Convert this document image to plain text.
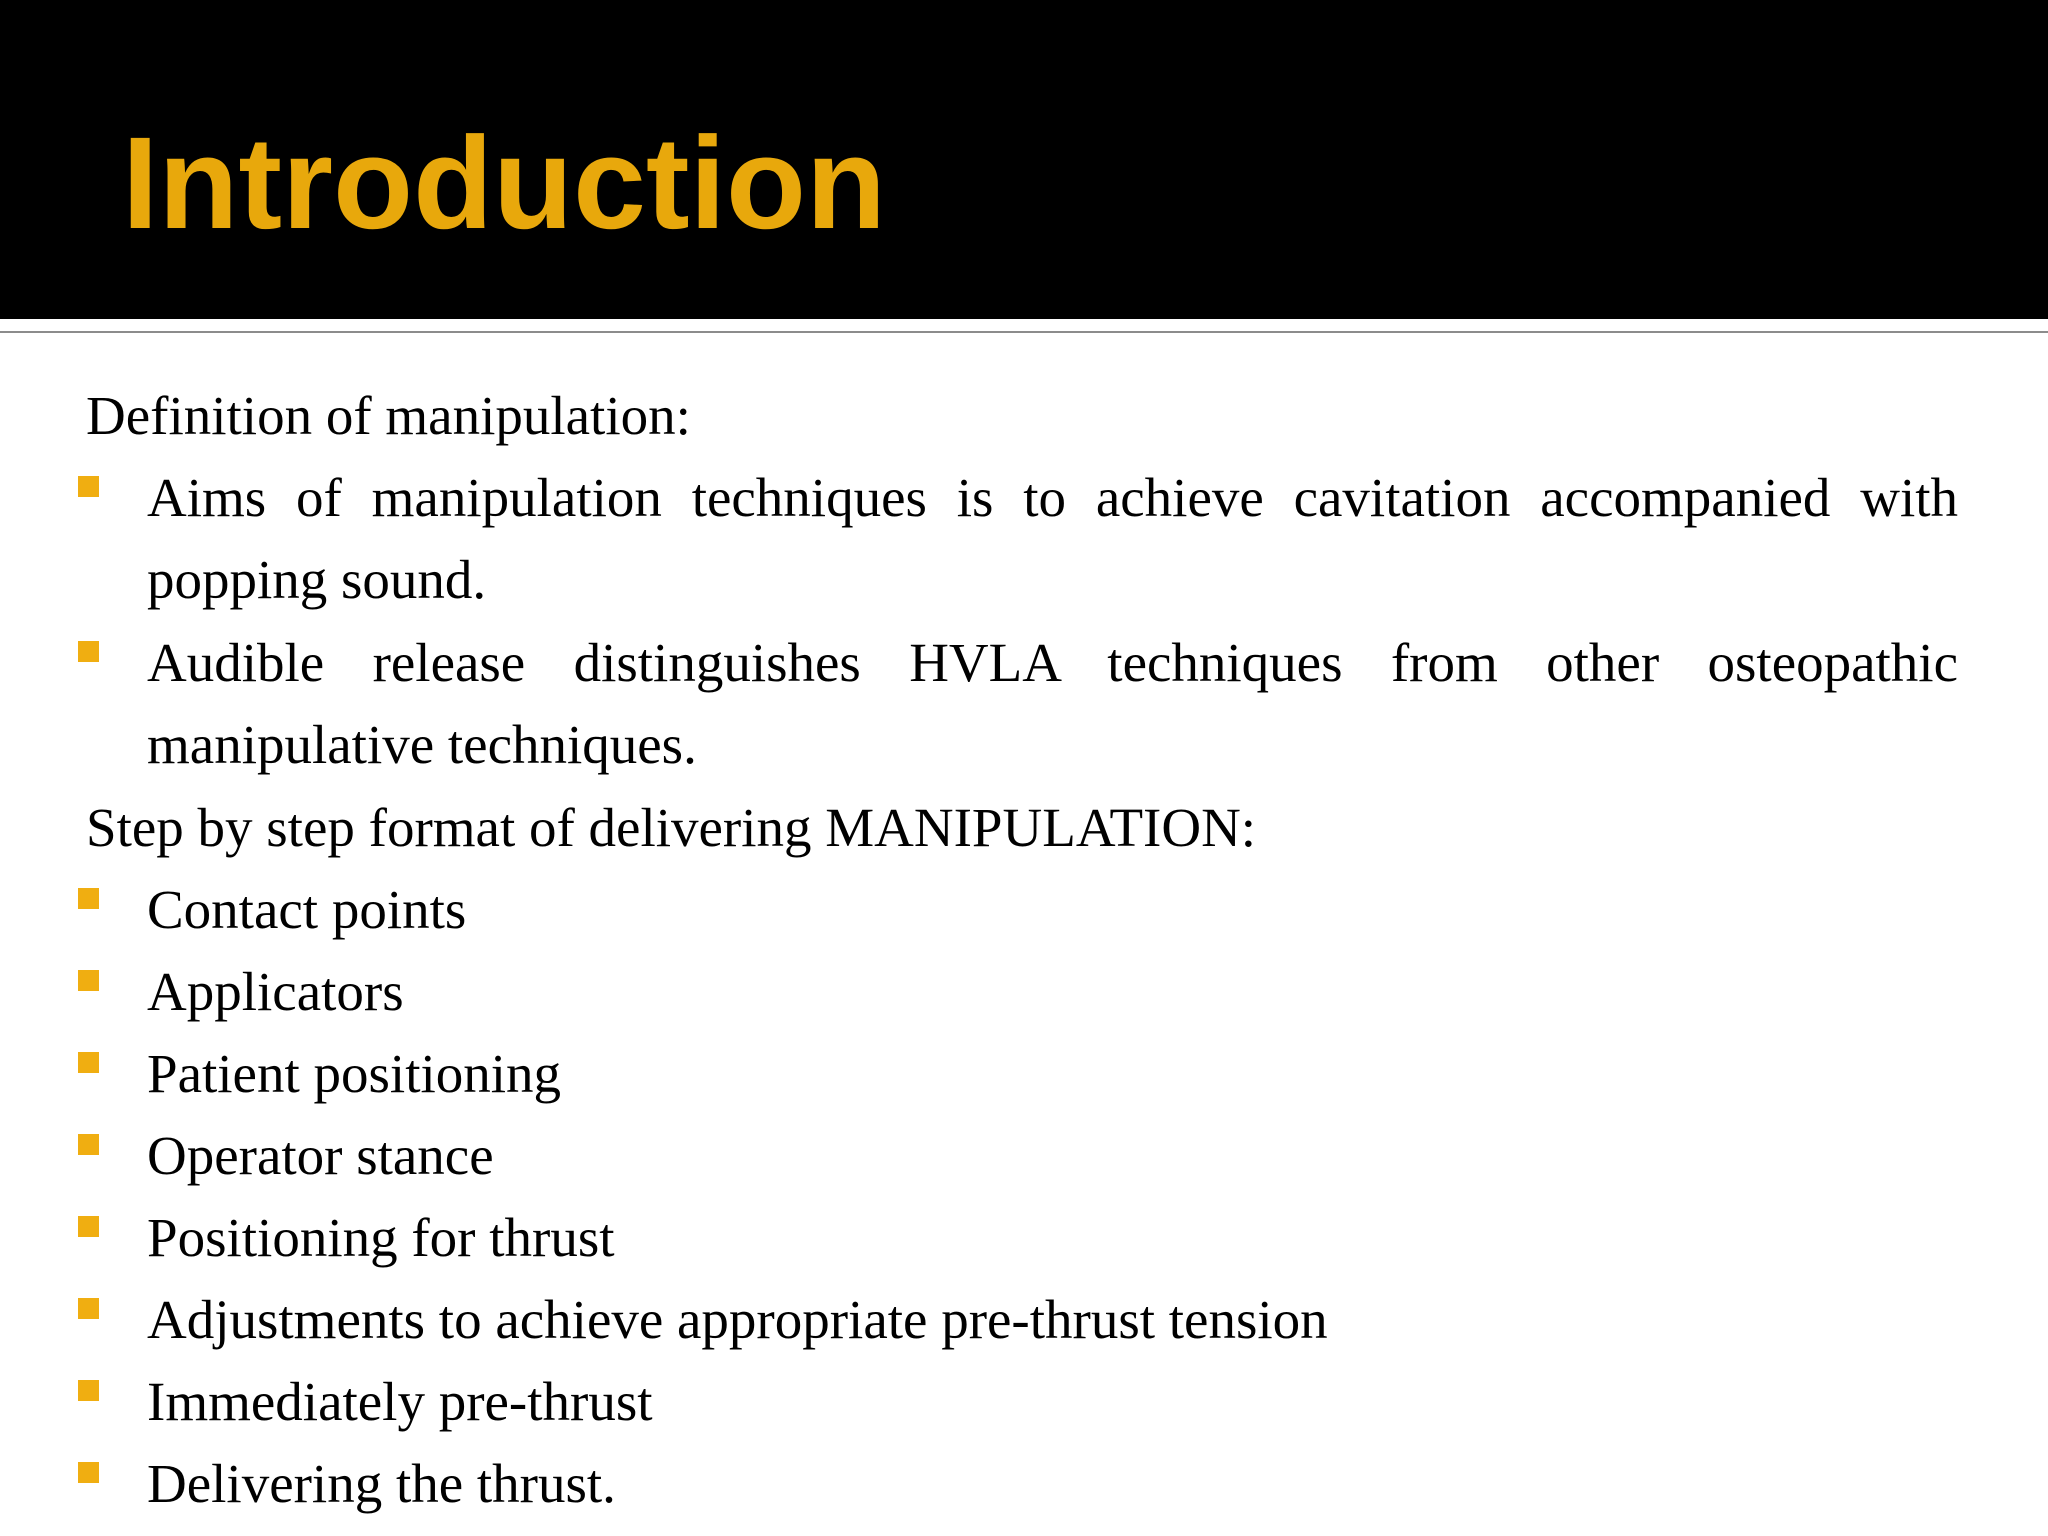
Introduction
Definition of manipulation:
Aims of manipulation techniques is to achieve cavitation accompanied with
popping sound.
Audible release distinguishes HVLA techniques from other osteopathic
manipulative techniques.
Step by step format of delivering MANIPULATION:
Contact points
Applicators
Patient positioning
Operator stance
Positioning for thrust
Adjustments to achieve appropriate pre-thrust tension
Immediately pre-thrust
Delivering the thrust.
